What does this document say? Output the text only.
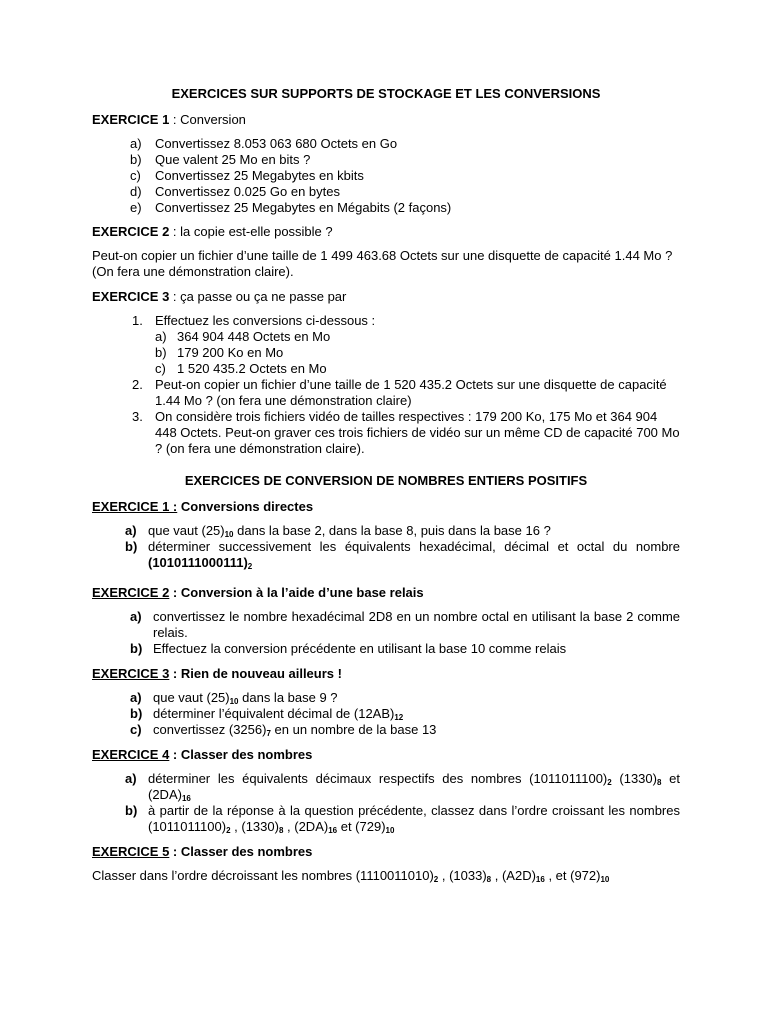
EXERCICES SUR SUPPORTS DE STOCKAGE ET LES CONVERSIONS

EXERCICE 1 : Conversion

a) Convertissez 8.053 063 680 Octets en Go
b) Que valent 25 Mo en bits ?
c) Convertissez 25 Megabytes en kbits
d) Convertissez 0.025 Go en bytes
e) Convertissez 25 Megabytes en Mégabits (2 façons)

EXERCICE 2 : la copie est-elle possible ?

Peut-on copier un fichier d’une taille de 1 499 463.68 Octets sur une disquette de capacité 1.44 Mo ? (On fera une démonstration claire).

EXERCICE 3 : ça passe ou ça ne passe par

1. Effectuez les conversions ci-dessous :
a) 364 904 448 Octets en Mo
b) 179 200 Ko en Mo
c) 1 520 435.2 Octets en Mo
2. Peut-on copier un fichier d’une taille de 1 520 435.2 Octets sur une disquette de capacité 1.44 Mo ? (on fera une démonstration claire)
3. On considère trois fichiers vidéo de tailles respectives : 179 200 Ko, 175 Mo et 364 904 448 Octets. Peut-on graver ces trois fichiers de vidéo sur un même CD de capacité 700 Mo ? (on fera une démonstration claire).

EXERCICES DE CONVERSION DE NOMBRES ENTIERS POSITIFS

EXERCICE 1 : Conversions directes

a) que vaut $(25)_{10}$ dans la base 2, dans la base 8, puis dans la base 16 ?
b) déterminer successivement les équivalents hexadécimal, décimal et octal du nombre $(1010111000111)_2$

EXERCICE 2 : Conversion à la l’aide d’une base relais

a) convertissez le nombre hexadécimal 2D8 en un nombre octal en utilisant la base 2 comme relais.
b) Effectuez la conversion précédente en utilisant la base 10 comme relais

EXERCICE 3 : Rien de nouveau ailleurs !

a) que vaut $(25)_{10}$ dans la base 9 ?
b) déterminer l’équivalent décimal de $(12AB)_{12}$
c) convertissez $(3256)_7$ en un nombre de la base 13

EXERCICE 4 : Classer des nombres

a) déterminer les équivalents décimaux respectifs des nombres $(1011011100)_2$ $(1330)_8$ et $(2DA)_{16}$
b) à partir de la réponse à la question précédente, classez dans l’ordre croissant les nombres $(1011011100)_2$ , $(1330)_8$ , $(2DA)_{16}$ et $(729)_{10}$

EXERCICE 5 : Classer des nombres

Classer dans l’ordre décroissant les nombres $(1110011010)_2$ , $(1033)_8$ , $(A2D)_{16}$ , et $(972)_{10}$
